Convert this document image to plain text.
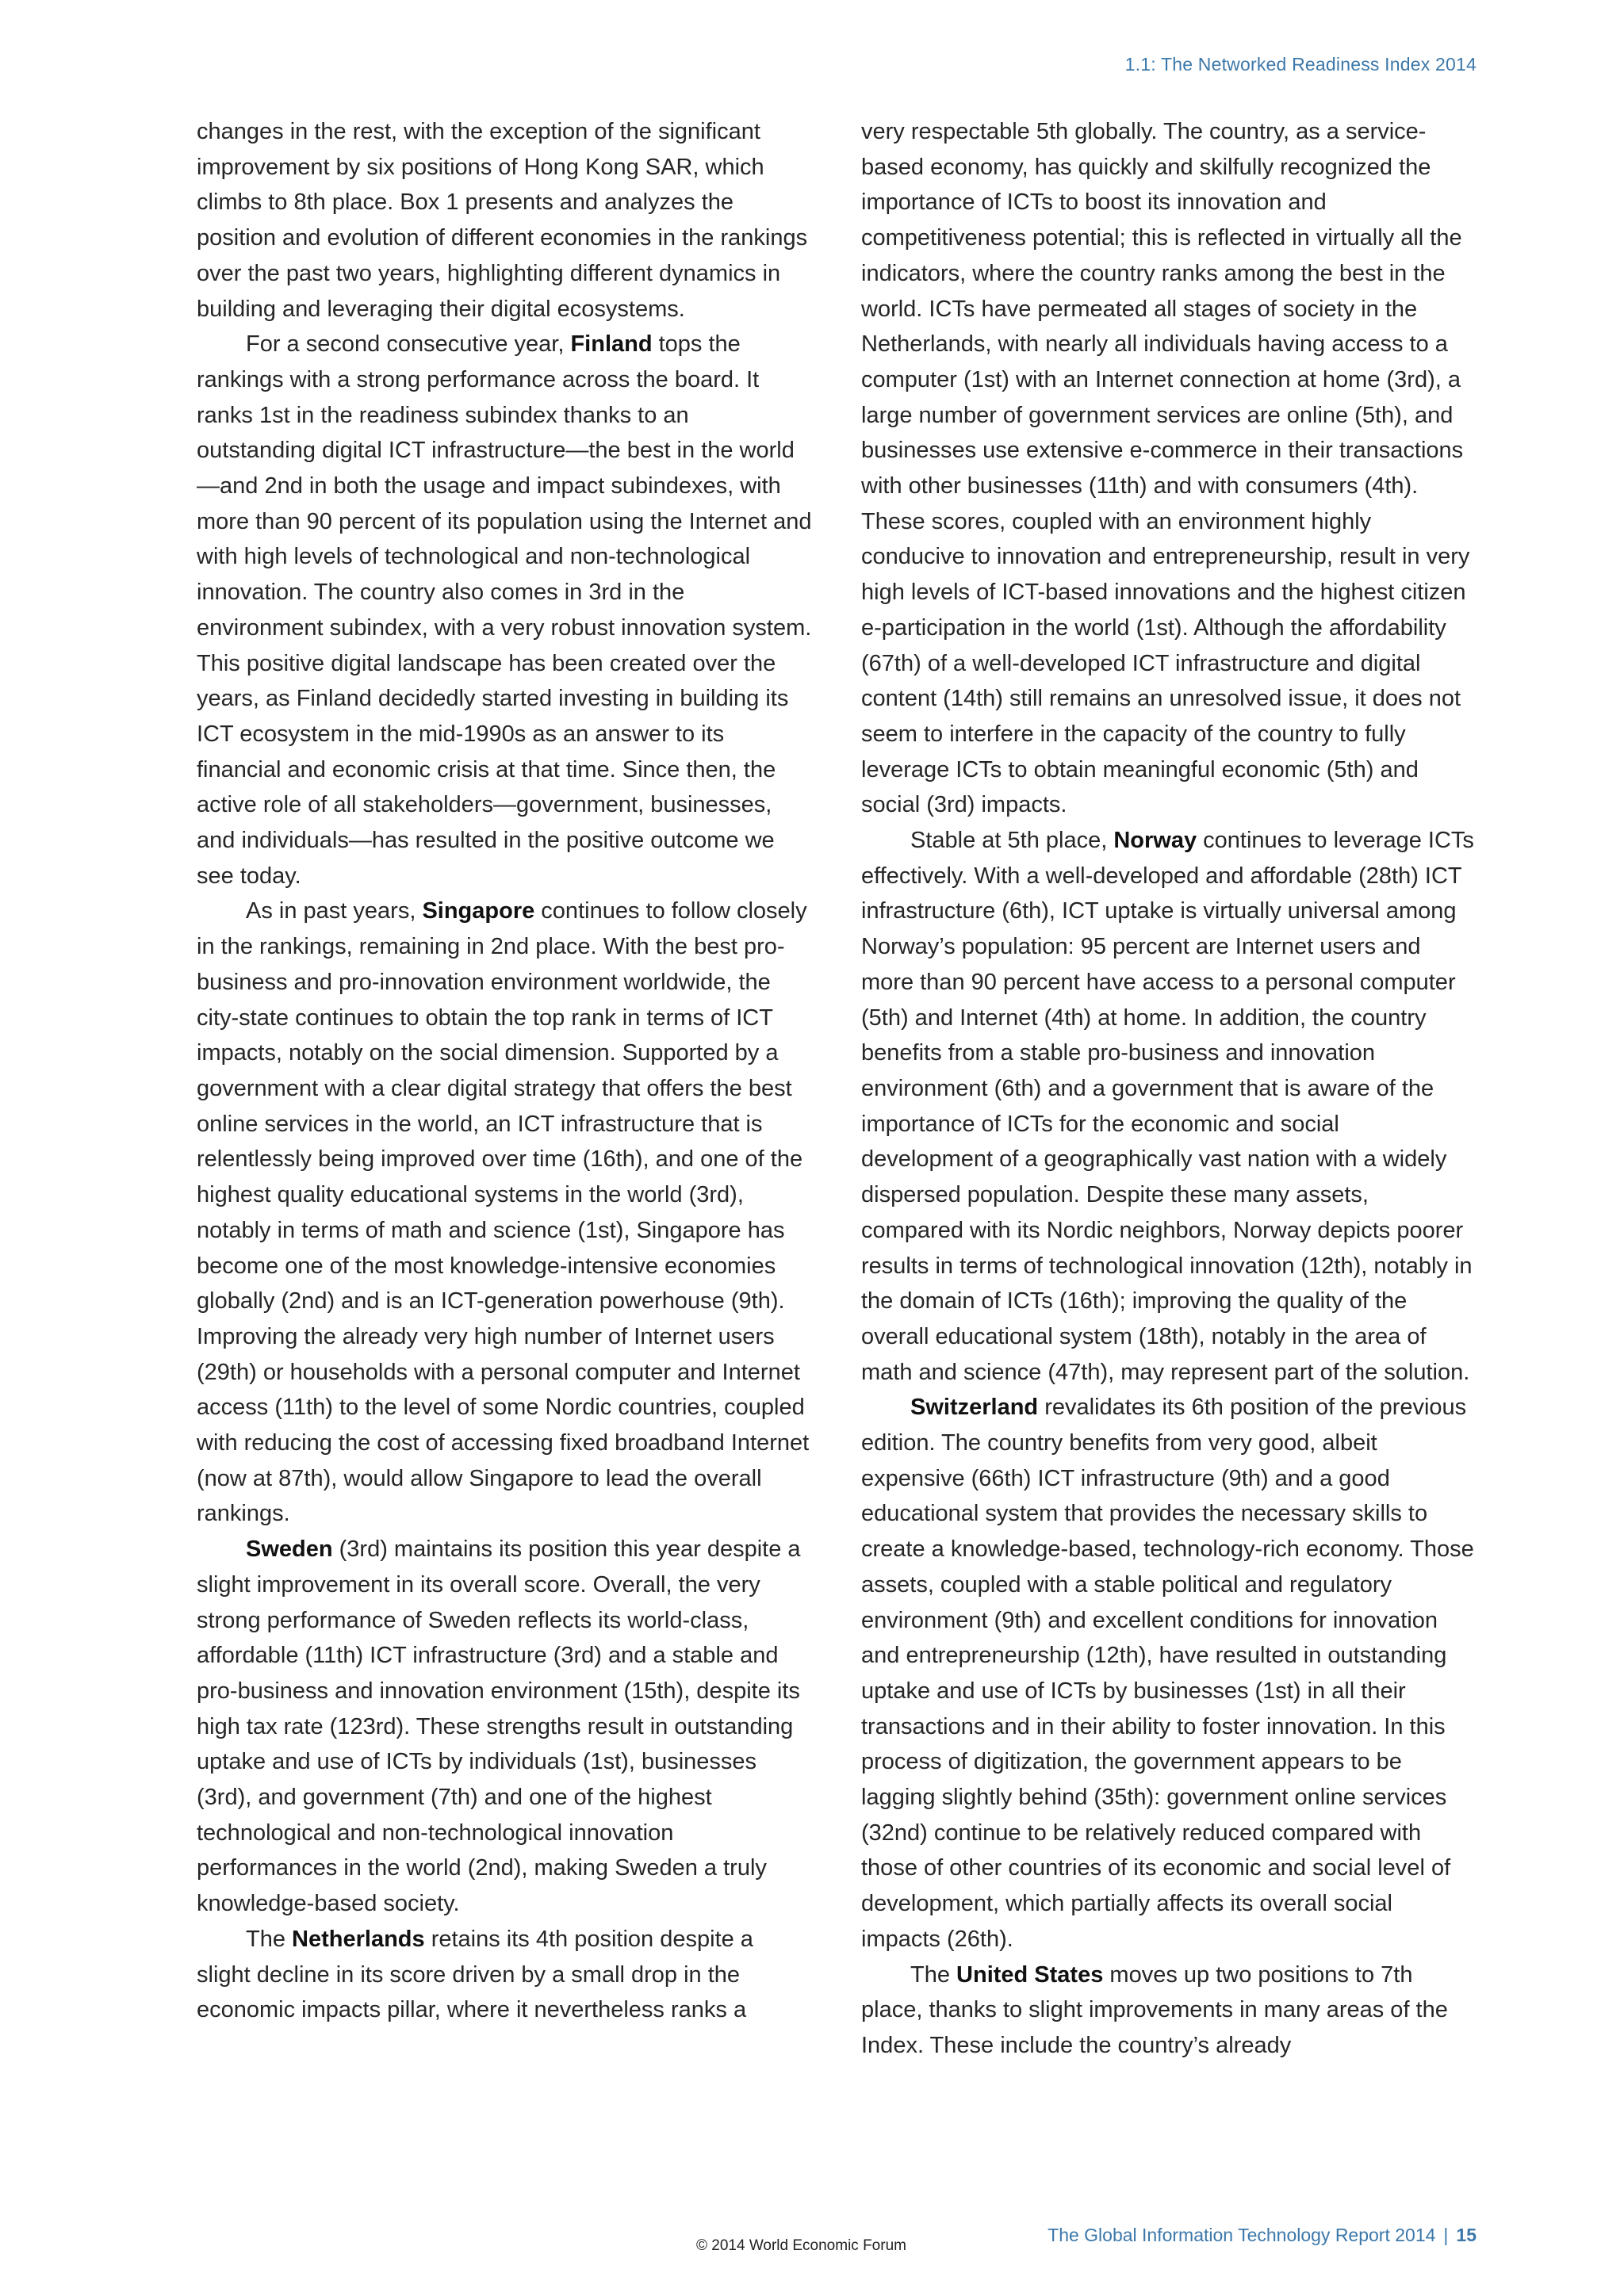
1.1: The Networked Readiness Index 2014

changes in the rest, with the exception of the significant improvement by six positions of Hong Kong SAR, which climbs to 8th place. Box 1 presents and analyzes the position and evolution of different economies in the rankings over the past two years, highlighting different dynamics in building and leveraging their digital ecosystems.

For a second consecutive year, Finland tops the rankings with a strong performance across the board. It ranks 1st in the readiness subindex thanks to an outstanding digital ICT infrastructure—the best in the world—and 2nd in both the usage and impact subindexes, with more than 90 percent of its population using the Internet and with high levels of technological and non-technological innovation. The country also comes in 3rd in the environment subindex, with a very robust innovation system. This positive digital landscape has been created over the years, as Finland decidedly started investing in building its ICT ecosystem in the mid-1990s as an answer to its financial and economic crisis at that time. Since then, the active role of all stakeholders—government, businesses, and individuals—has resulted in the positive outcome we see today.

As in past years, Singapore continues to follow closely in the rankings, remaining in 2nd place. With the best pro-business and pro-innovation environment worldwide, the city-state continues to obtain the top rank in terms of ICT impacts, notably on the social dimension. Supported by a government with a clear digital strategy that offers the best online services in the world, an ICT infrastructure that is relentlessly being improved over time (16th), and one of the highest quality educational systems in the world (3rd), notably in terms of math and science (1st), Singapore has become one of the most knowledge-intensive economies globally (2nd) and is an ICT-generation powerhouse (9th). Improving the already very high number of Internet users (29th) or households with a personal computer and Internet access (11th) to the level of some Nordic countries, coupled with reducing the cost of accessing fixed broadband Internet (now at 87th), would allow Singapore to lead the overall rankings.

Sweden (3rd) maintains its position this year despite a slight improvement in its overall score. Overall, the very strong performance of Sweden reflects its world-class, affordable (11th) ICT infrastructure (3rd) and a stable and pro-business and innovation environment (15th), despite its high tax rate (123rd). These strengths result in outstanding uptake and use of ICTs by individuals (1st), businesses (3rd), and government (7th) and one of the highest technological and non-technological innovation performances in the world (2nd), making Sweden a truly knowledge-based society.

The Netherlands retains its 4th position despite a slight decline in its score driven by a small drop in the economic impacts pillar, where it nevertheless ranks a

very respectable 5th globally. The country, as a service-based economy, has quickly and skilfully recognized the importance of ICTs to boost its innovation and competitiveness potential; this is reflected in virtually all the indicators, where the country ranks among the best in the world. ICTs have permeated all stages of society in the Netherlands, with nearly all individuals having access to a computer (1st) with an Internet connection at home (3rd), a large number of government services are online (5th), and businesses use extensive e-commerce in their transactions with other businesses (11th) and with consumers (4th). These scores, coupled with an environment highly conducive to innovation and entrepreneurship, result in very high levels of ICT-based innovations and the highest citizen e-participation in the world (1st). Although the affordability (67th) of a well-developed ICT infrastructure and digital content (14th) still remains an unresolved issue, it does not seem to interfere in the capacity of the country to fully leverage ICTs to obtain meaningful economic (5th) and social (3rd) impacts.

Stable at 5th place, Norway continues to leverage ICTs effectively. With a well-developed and affordable (28th) ICT infrastructure (6th), ICT uptake is virtually universal among Norway’s population: 95 percent are Internet users and more than 90 percent have access to a personal computer (5th) and Internet (4th) at home. In addition, the country benefits from a stable pro-business and innovation environment (6th) and a government that is aware of the importance of ICTs for the economic and social development of a geographically vast nation with a widely dispersed population. Despite these many assets, compared with its Nordic neighbors, Norway depicts poorer results in terms of technological innovation (12th), notably in the domain of ICTs (16th); improving the quality of the overall educational system (18th), notably in the area of math and science (47th), may represent part of the solution.

Switzerland revalidates its 6th position of the previous edition. The country benefits from very good, albeit expensive (66th) ICT infrastructure (9th) and a good educational system that provides the necessary skills to create a knowledge-based, technology-rich economy. Those assets, coupled with a stable political and regulatory environment (9th) and excellent conditions for innovation and entrepreneurship (12th), have resulted in outstanding uptake and use of ICTs by businesses (1st) in all their transactions and in their ability to foster innovation. In this process of digitization, the government appears to be lagging slightly behind (35th): government online services (32nd) continue to be relatively reduced compared with those of other countries of its economic and social level of development, which partially affects its overall social impacts (26th).

The United States moves up two positions to 7th place, thanks to slight improvements in many areas of the Index. These include the country’s already

The Global Information Technology Report 2014 | 15
© 2014 World Economic Forum
